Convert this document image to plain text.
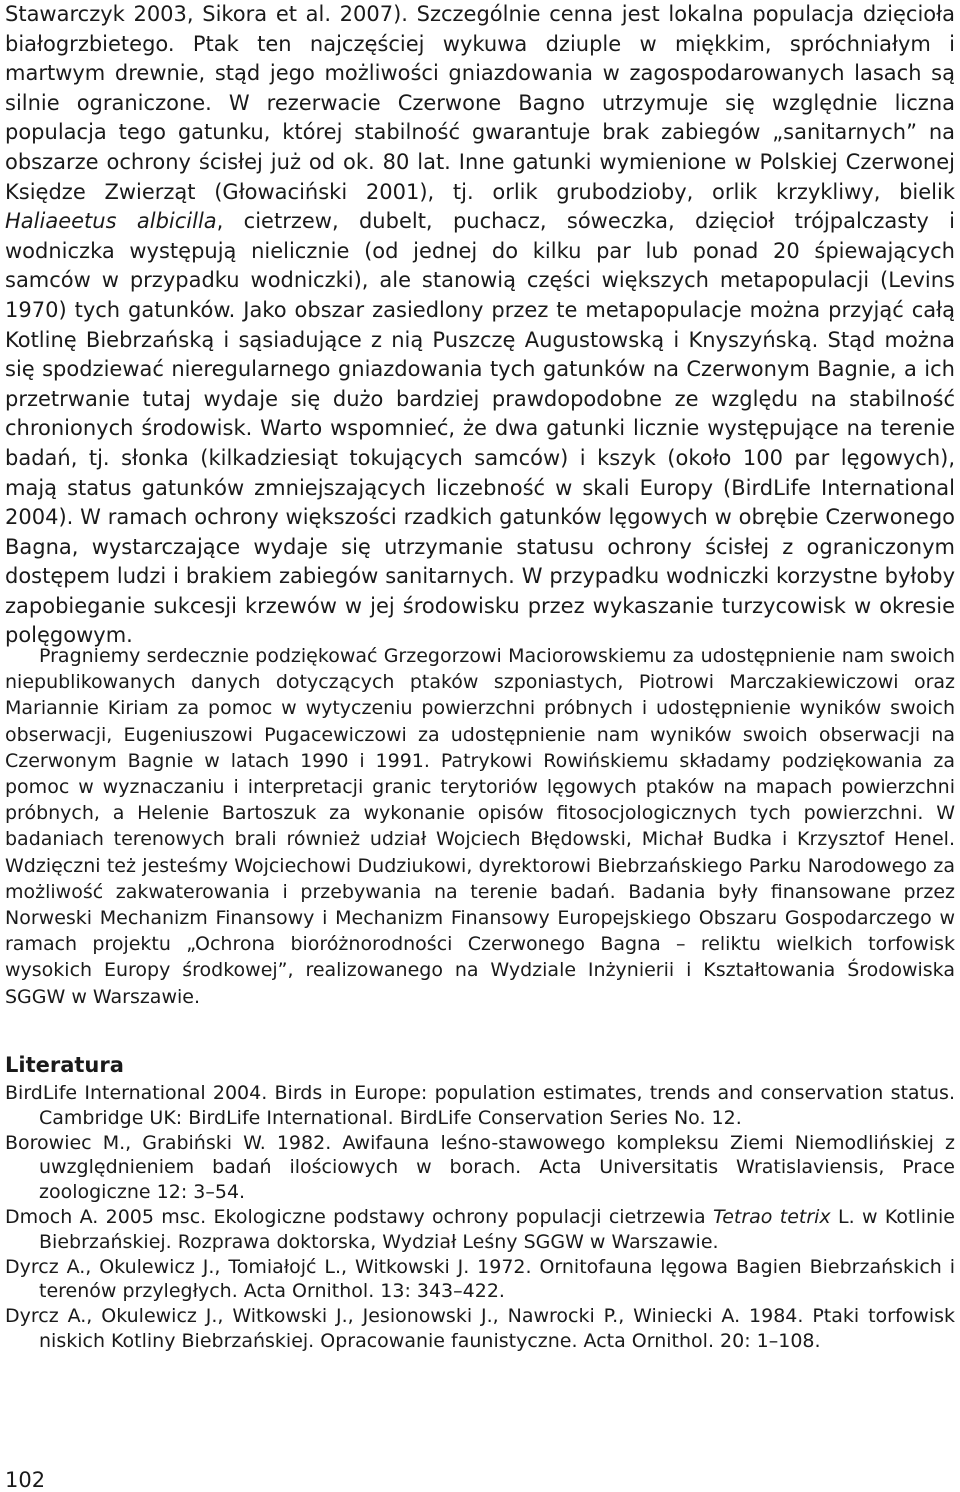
Stawarczyk 2003, Sikora et al. 2007). Szczególnie cenna jest lokalna populacja dzięcioła białogrzbietego. Ptak ten najczęściej wykuwa dziuple w miękkim, spróchniałym i martwym drewnie, stąd jego możliwości gniazdowania w zagospodarowanych lasach są silnie ograniczone. W rezerwacie Czerwone Bagno utrzymuje się względnie liczna populacja tego gatunku, której stabilność gwarantuje brak zabiegów „sanitarnych” na obszarze ochrony ścisłej już od ok. 80 lat. Inne gatunki wymienione w Polskiej Czerwonej Księdze Zwierząt (Głowaciński 2001), tj. orlik grubodzioby, orlik krzykliwy, bielik Haliaeetus albicilla, cietrzew, dubelt, puchacz, sóweczka, dzięcioł trójpalczasty i wodniczka występują nielicznie (od jednej do kilku par lub ponad 20 śpiewających samców w przypadku wodniczki), ale stanowią części większych metapopulacji (Levins 1970) tych gatunków. Jako obszar zasiedlony przez te metapopulacje można przyjąć całą Kotlinę Biebrzańską i sąsiadujące z nią Puszczę Augustowską i Knyszyńską. Stąd można się spodziewać nieregularnego gniazdowania tych gatunków na Czerwonym Bagnie, a ich przetrwanie tutaj wydaje się dużo bardziej prawdopodobne ze względu na stabilność chronionych środowisk. Warto wspomnieć, że dwa gatunki licznie występujące na terenie badań, tj. słonka (kilkadziesiąt tokujących samców) i kszyk (około 100 par lęgowych), mają status gatunków zmniejszających liczebność w skali Europy (BirdLife International 2004). W ramach ochrony większości rzadkich gatunków lęgowych w obrębie Czerwonego Bagna, wystarczające wydaje się utrzymanie statusu ochrony ścisłej z ograniczonym dostępem ludzi i brakiem zabiegów sanitarnych. W przypadku wodniczki korzystne byłoby zapobieganie sukcesji krzewów w jej środowisku przez wykaszanie turzycowisk w okresie polęgowym.

Pragniemy serdecznie podziękować Grzegorzowi Maciorowskiemu za udostępnienie nam swoich niepublikowanych danych dotyczących ptaków szponiastych, Piotrowi Marczakiewiczowi oraz Mariannie Kiriam za pomoc w wytyczeniu powierzchni próbnych i udostępnienie wyników swoich obserwacji, Eugeniuszowi Pugacewiczowi za udostępnienie nam wyników swoich obserwacji na Czerwonym Bagnie w latach 1990 i 1991. Patrykowi Rowińskiemu składamy podziękowania za pomoc w wyznaczaniu i interpretacji granic terytoriów lęgowych ptaków na mapach powierzchni próbnych, a Helenie Bartoszuk za wykonanie opisów fitosocjologicznych tych powierzchni. W badaniach terenowych brali również udział Wojciech Błędowski, Michał Budka i Krzysztof Henel. Wdzięczni też jesteśmy Wojciechowi Dudziukowi, dyrektorowi Biebrzańskiego Parku Narodowego za możliwość zakwaterowania i przebywania na terenie badań. Badania były finansowane przez Norweski Mechanizm Finansowy i Mechanizm Finansowy Europejskiego Obszaru Gospodarczego w ramach projektu „Ochrona bioróżnorodności Czerwonego Bagna – reliktu wielkich torfowisk wysokich Europy środkowej”, realizowanego na Wydziale Inżynierii i Kształtowania Środowiska SGGW w Warszawie.

Literatura
BirdLife International 2004. Birds in Europe: population estimates, trends and conservation status. Cambridge UK: BirdLife International. BirdLife Conservation Series No. 12.
Borowiec M., Grabiński W. 1982. Awifauna leśno-stawowego kompleksu Ziemi Niemodlińskiej z uwzględnieniem badań ilościowych w borach. Acta Universitatis Wratislaviensis, Prace zoologiczne 12: 3–54.
Dmoch A. 2005 msc. Ekologiczne podstawy ochrony populacji cietrzewia Tetrao tetrix L. w Kotlinie Biebrzańskiej. Rozprawa doktorska, Wydział Leśny SGGW w Warszawie.
Dyrcz A., Okulewicz J., Tomiałojć L., Witkowski J. 1972. Ornitofauna lęgowa Bagien Biebrzańskich i terenów przyległych. Acta Ornithol. 13: 343–422.
Dyrcz A., Okulewicz J., Witkowski J., Jesionowski J., Nawrocki P., Winiecki A. 1984. Ptaki torfowisk niskich Kotliny Biebrzańskiej. Opracowanie faunistyczne. Acta Ornithol. 20: 1–108.
102
